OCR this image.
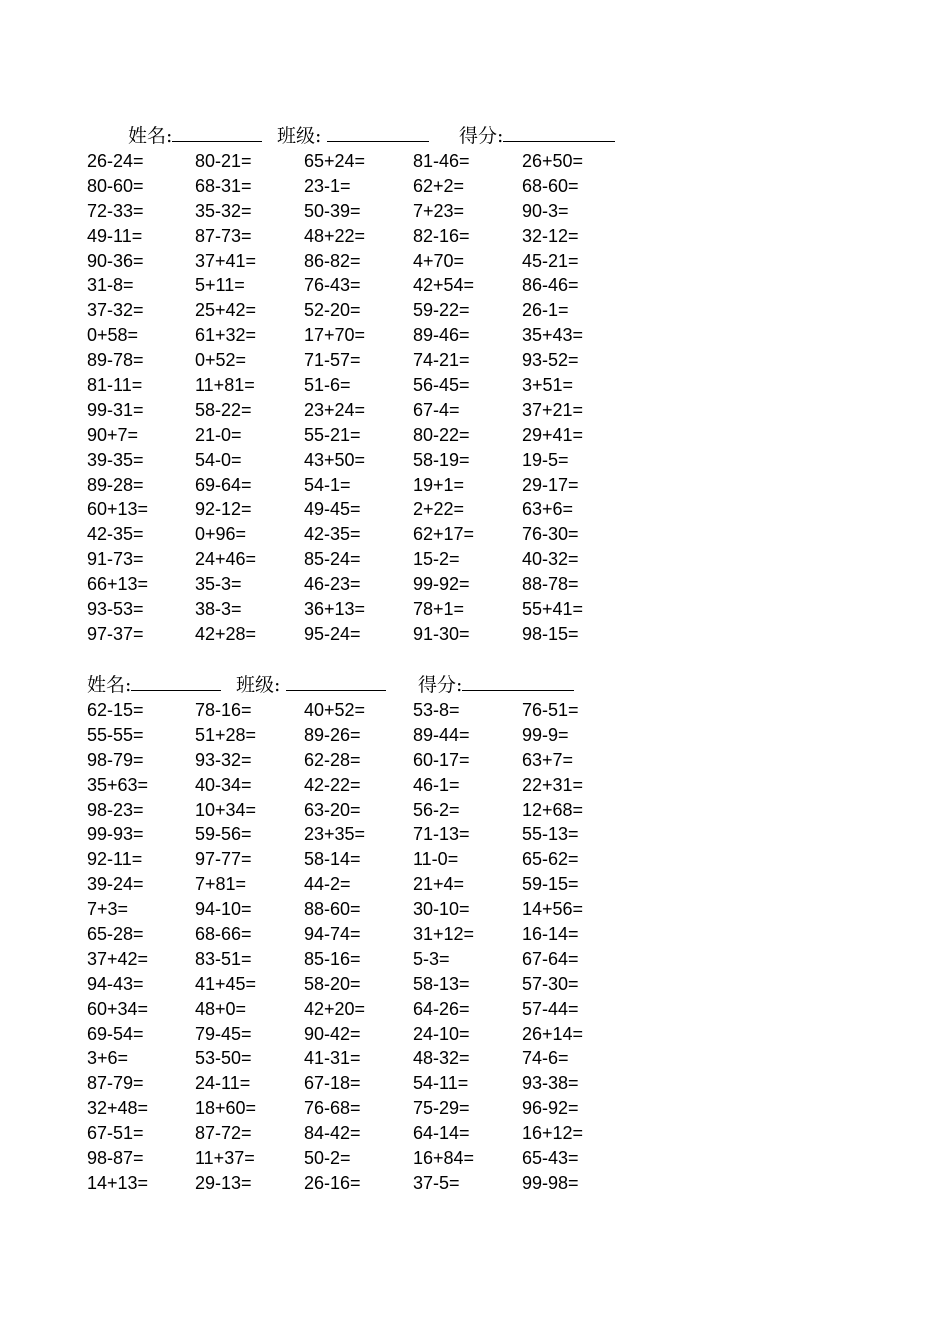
姓名:	班级:	得分:
26-24=	80-21=	65+24=	81-46=	26+50=
80-60=	68-31=	23-1=	62+2=	68-60=
72-33=	35-32=	50-39=	7+23=	90-3=
49-11=	87-73=	48+22=	82-16=	32-12=
90-36=	37+41=	86-82=	4+70=	45-21=
31-8=	5+11=	76-43=	42+54=	86-46=
37-32=	25+42=	52-20=	59-22=	26-1=
0+58=	61+32=	17+70=	89-46=	35+43=
89-78=	0+52=	71-57=	74-21=	93-52=
81-11=	11+81=	51-6=	56-45=	3+51=
99-31=	58-22=	23+24=	67-4=	37+21=
90+7=	21-0=	55-21=	80-22=	29+41=
39-35=	54-0=	43+50=	58-19=	19-5=
89-28=	69-64=	54-1=	19+1=	29-17=
60+13=	92-12=	49-45=	2+22=	63+6=
42-35=	0+96=	42-35=	62+17=	76-30=
91-73=	24+46=	85-24=	15-2=	40-32=
66+13=	35-3=	46-23=	99-92=	88-78=
93-53=	38-3=	36+13=	78+1=	55+41=
97-37=	42+28=	95-24=	91-30=	98-15=
姓名:	班级:	得分:
62-15=	78-16=	40+52=	53-8=	76-51=
55-55=	51+28=	89-26=	89-44=	99-9=
98-79=	93-32=	62-28=	60-17=	63+7=
35+63=	40-34=	42-22=	46-1=	22+31=
98-23=	10+34=	63-20=	56-2=	12+68=
99-93=	59-56=	23+35=	71-13=	55-13=
92-11=	97-77=	58-14=	11-0=	65-62=
39-24=	7+81=	44-2=	21+4=	59-15=
7+3=	94-10=	88-60=	30-10=	14+56=
65-28=	68-66=	94-74=	31+12=	16-14=
37+42=	83-51=	85-16=	5-3=	67-64=
94-43=	41+45=	58-20=	58-13=	57-30=
60+34=	48+0=	42+20=	64-26=	57-44=
69-54=	79-45=	90-42=	24-10=	26+14=
3+6=	53-50=	41-31=	48-32=	74-6=
87-79=	24-11=	67-18=	54-11=	93-38=
32+48=	18+60=	76-68=	75-29=	96-92=
67-51=	87-72=	84-42=	64-14=	16+12=
98-87=	11+37=	50-2=	16+84=	65-43=
14+13=	29-13=	26-16=	37-5=	99-98=
